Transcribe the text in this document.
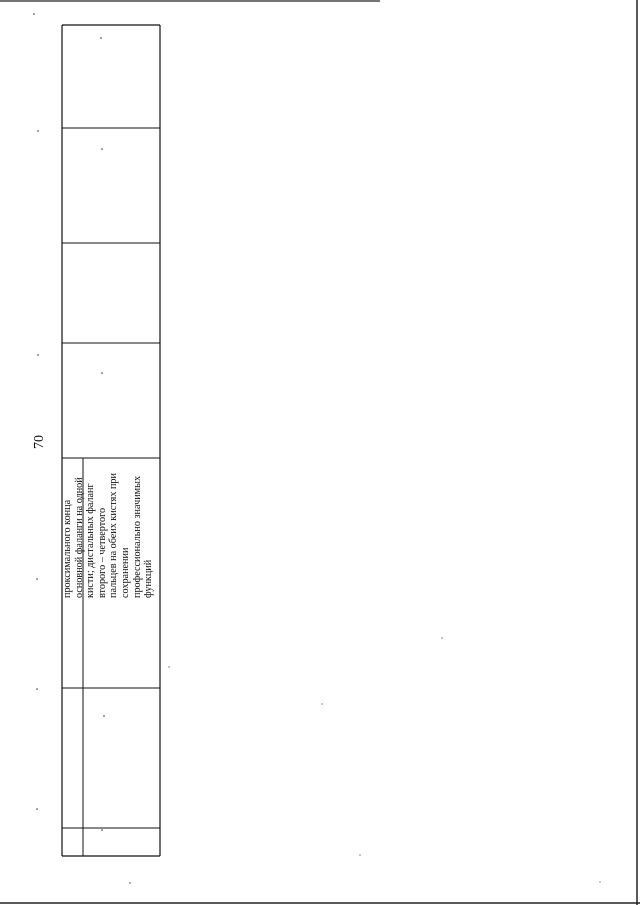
70
проксимального конца основной фаланги на одной кисти; дистальных фаланг второго – четвертого пальцев на обеих кистях при сохранении профессионально значимых функций
